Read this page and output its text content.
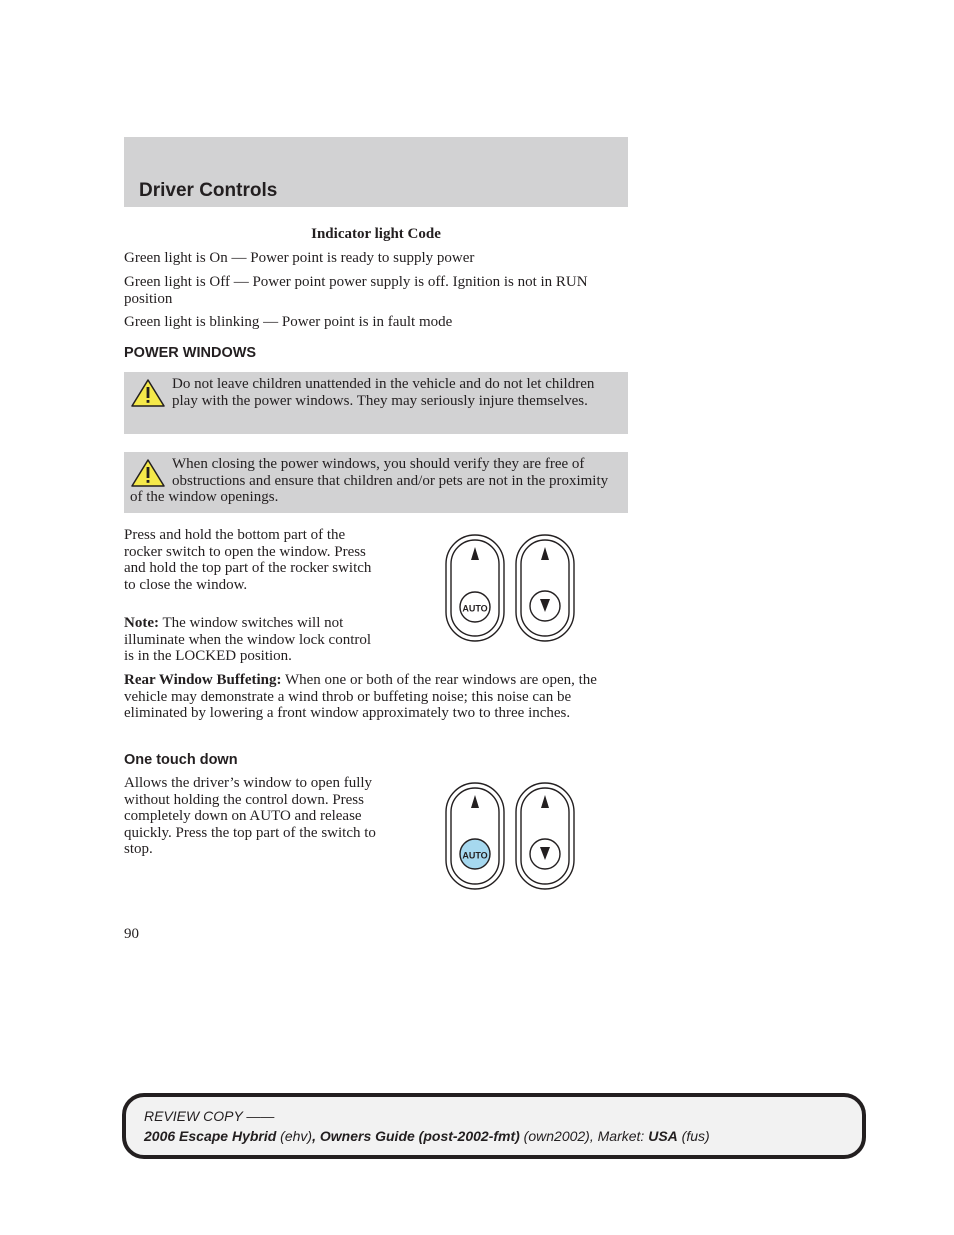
Driver Controls
Indicator light Code
Green light is On — Power point is ready to supply power
Green light is Off — Power point power supply is off. Ignition is not in RUN position
Green light is blinking — Power point is in fault mode
POWER WINDOWS
Do not leave children unattended in the vehicle and do not let children play with the power windows. They may seriously injure themselves.
When closing the power windows, you should verify they are free of obstructions and ensure that children and/or pets are not in the proximity of the window openings.
Press and hold the bottom part of the rocker switch to open the window. Press and hold the top part of the rocker switch to close the window.
Note: The window switches will not illuminate when the window lock control is in the LOCKED position.
AUTO
Rear Window Buffeting: When one or both of the rear windows are open, the vehicle may demonstrate a wind throb or buffeting noise; this noise can be eliminated by lowering a front window approximately two to three inches.
One touch down
Allows the driver’s window to open fully without holding the control down. Press completely down on AUTO and release quickly. Press the top part of the switch to stop.	AUTO
90
REVIEW COPY ——
2006 Escape Hybrid (ehv), Owners Guide (post-2002-fmt) (own2002), Market: USA (fus)
